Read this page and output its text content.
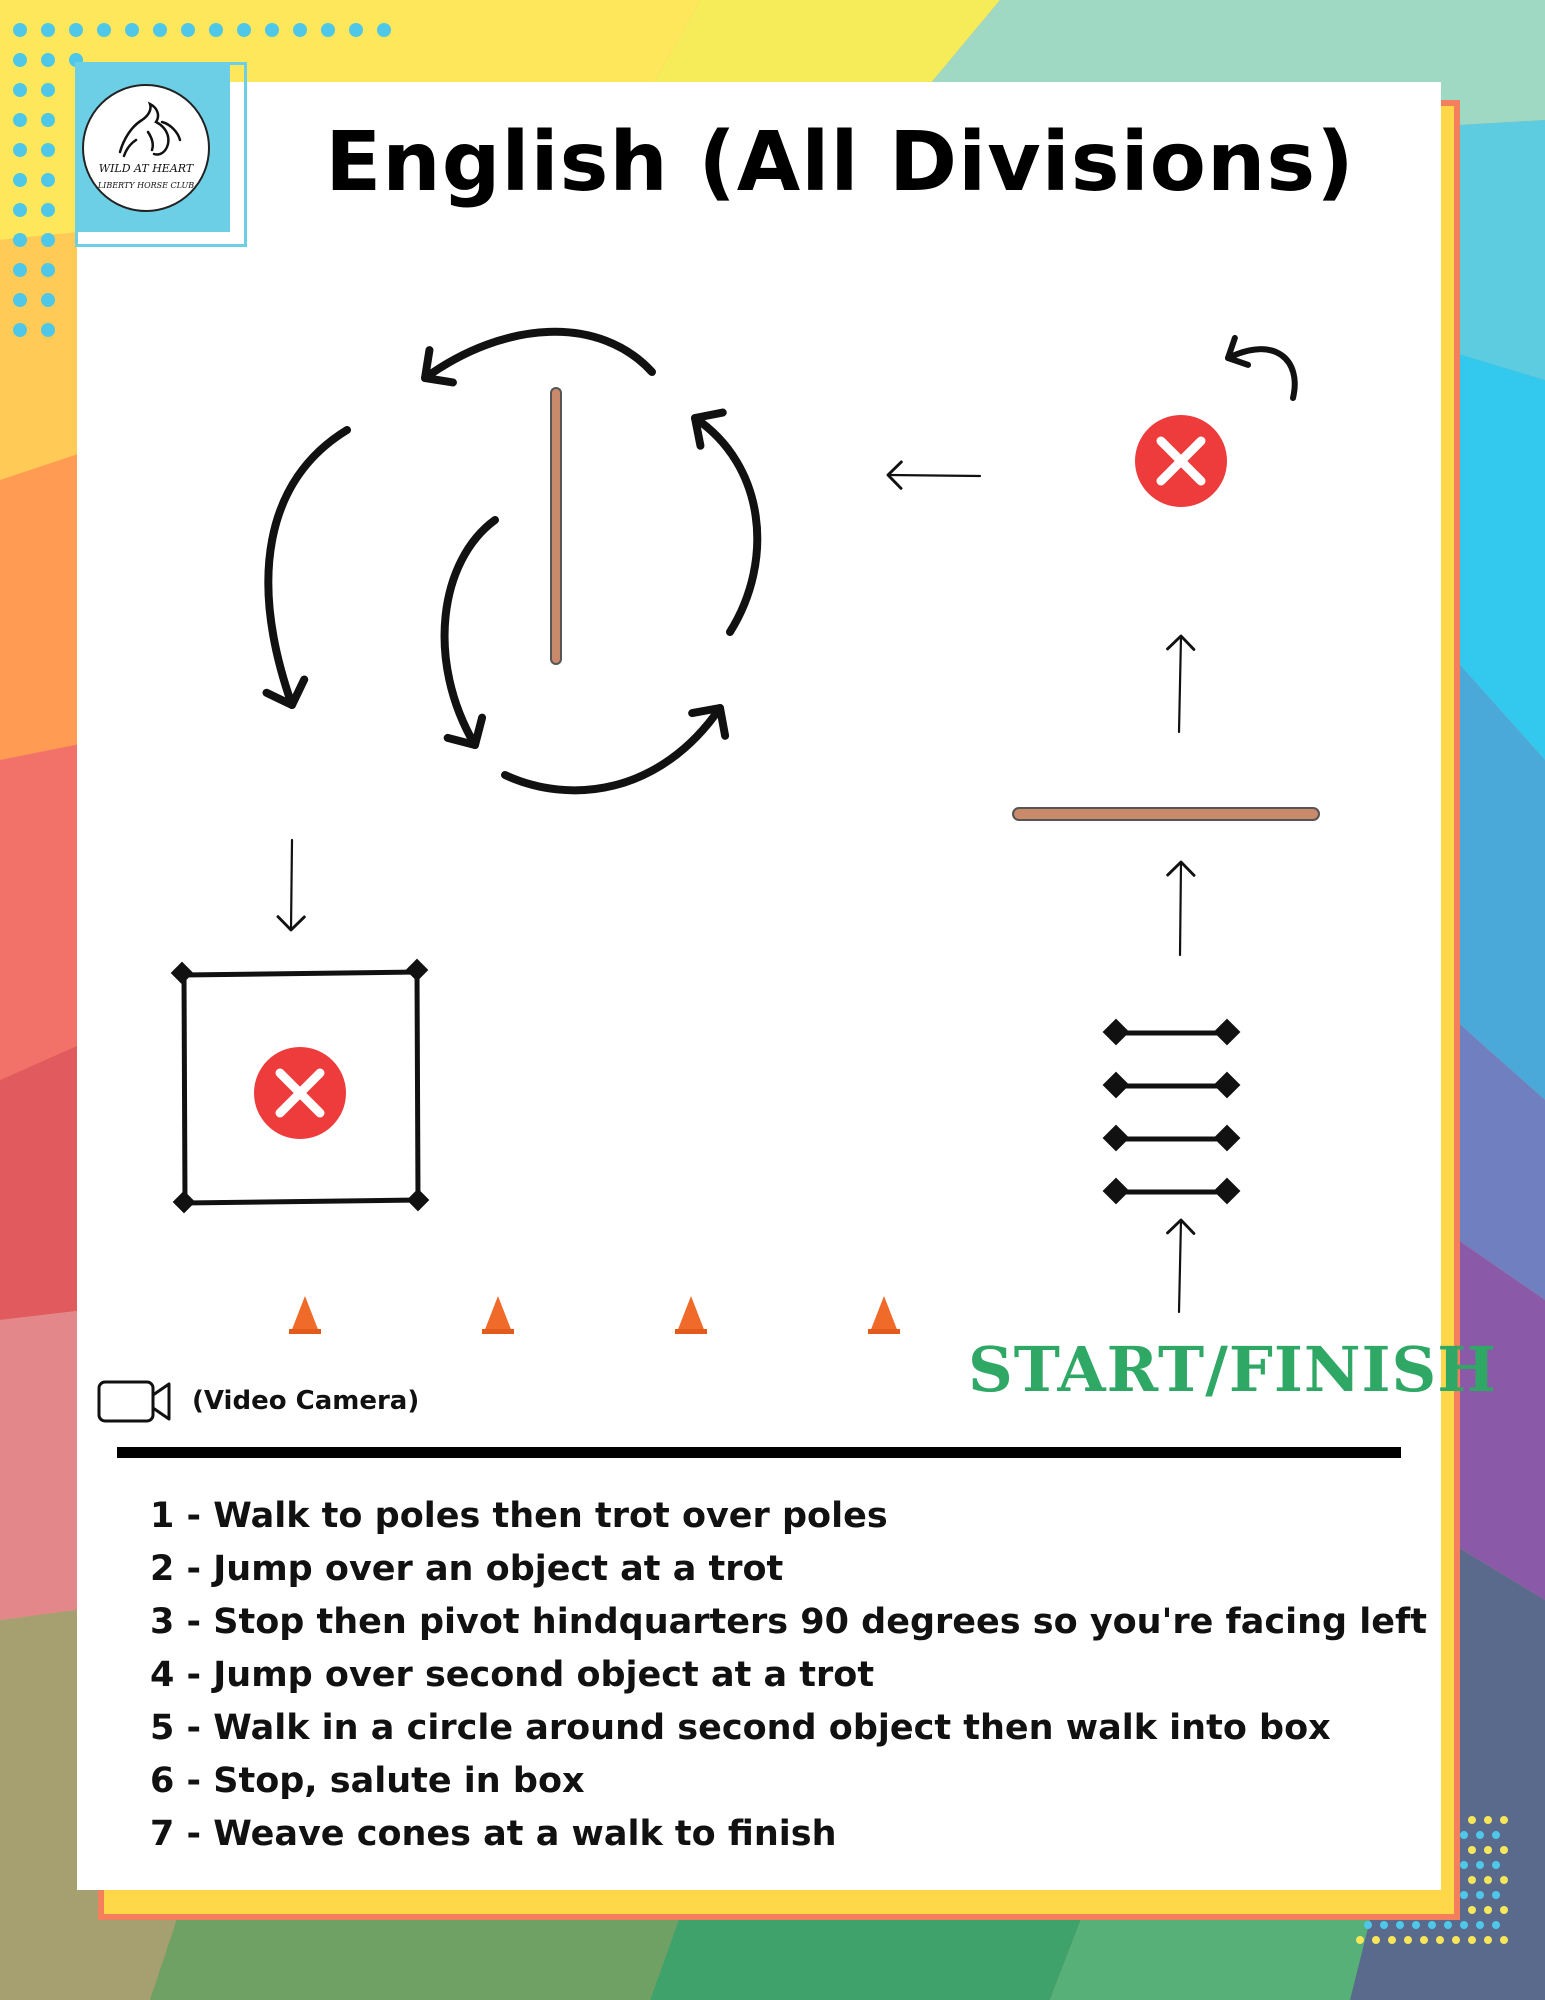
WILD AT HEART
LIBERTY HORSE CLUB	English (All Divisions)
(Video Camera)	START/FINISH
1 - Walk to poles then trot over poles
2 - Jump over an object at a trot
3 - Stop then pivot hindquarters 90 degrees so you're facing left
4 - Jump over second object at a trot
5 - Walk in a circle around second object then walk into box
6 - Stop, salute in box
7 - Weave cones at a walk to finish
